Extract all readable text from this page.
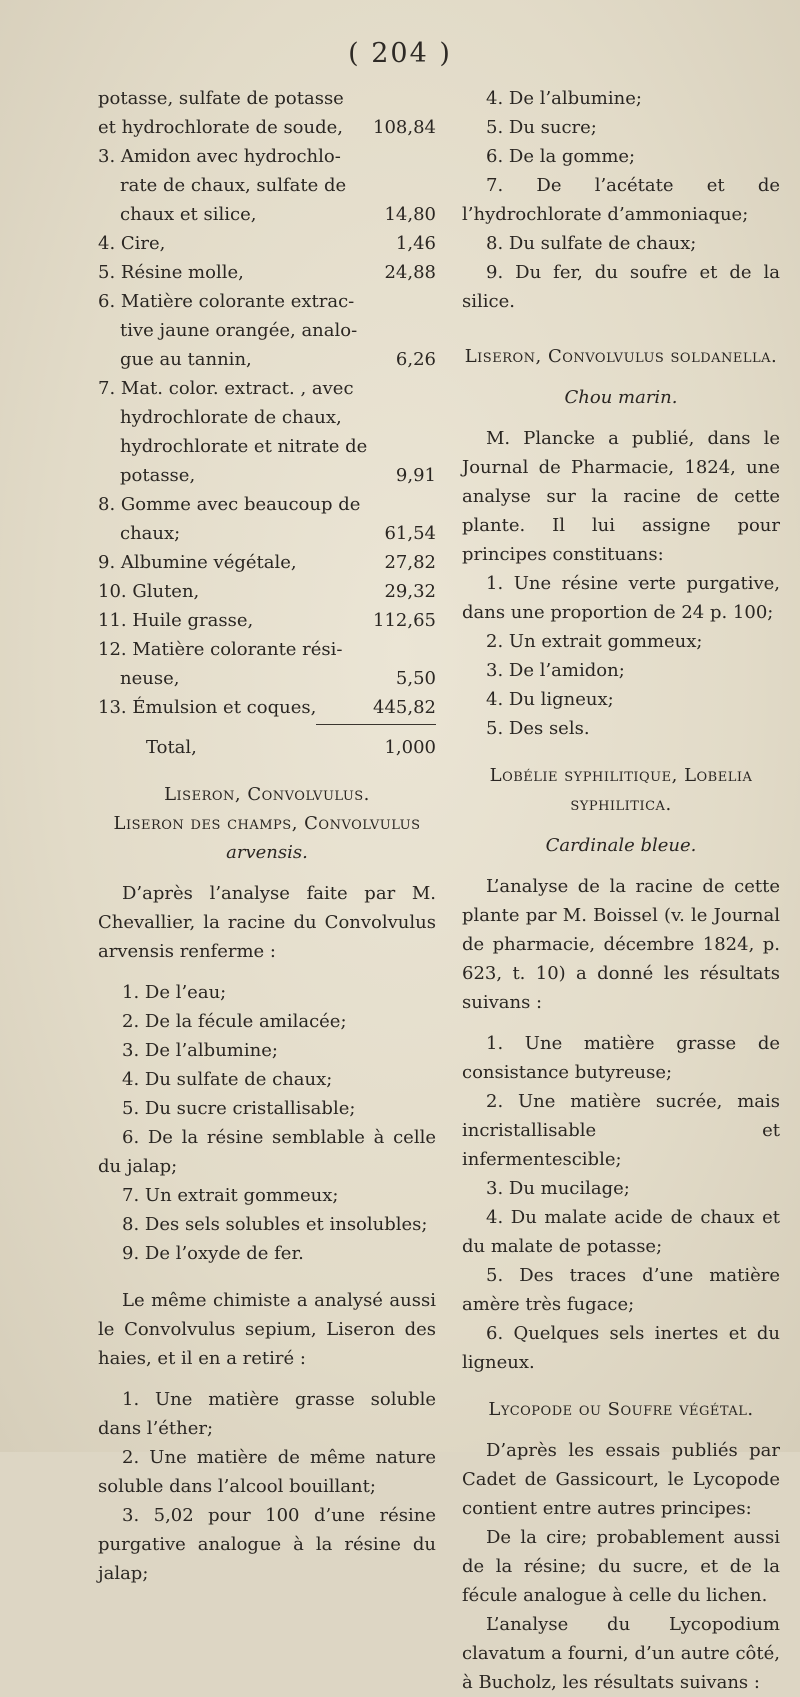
( 204 )
potasse, sulfate de potasse
et hydrochlorate de soude, 108,84
3. Amidon avec hydrochlo-
rate de chaux, sulfate de
chaux et silice,	14,80
4. Cire,	1,46
5. Résine molle,	24,88
6. Matière colorante extrac-
tive jaune orangée, analo-
gue au tannin,	6,26
7. Mat. color. extract. , avec
hydrochlorate de chaux,
hydrochlorate et nitrate de
potasse,	9,91
8. Gomme avec beaucoup de
chaux;	61,54
9. Albumine végétale,	27,82
10. Gluten,	29,32
11. Huile grasse,	112,65
12. Matière colorante rési-
neuse,	5,50
13. Émulsion et coques,	445,82
Total,	1,000
Liseron, Convolvulus.
Liseron des champs, Convolvulus
arvensis.

D’après l’analyse faite par M. Chevallier, la racine du Convolvulus arvensis renferme :

1. De l’eau;

2. De la fécule amilacée;

3. De l’albumine;

4. Du sulfate de chaux;

5. Du sucre cristallisable;

6. De la résine semblable à celle du jalap;

7. Un extrait gommeux;

8. Des sels solubles et insolubles;

9. De l’oxyde de fer.

Le même chimiste a analysé aussi le Convolvulus sepium, Liseron des haies, et il en a retiré :

1. Une matière grasse soluble dans l’éther;

2. Une matière de même nature soluble dans l’alcool bouillant;

3. 5,02 pour 100 d’une résine purgative analogue à la résine du jalap;

4. De l’albumine;

5. Du sucre;

6. De la gomme;

7. De l’acétate et de l’hydrochlorate d’ammoniaque;

8. Du sulfate de chaux;

9. Du fer, du soufre et de la silice.

Liseron, Convolvulus soldanella.
Chou marin.

M. Plancke a publié, dans le Journal de Pharmacie, 1824, une analyse sur la racine de cette plante. Il lui assigne pour principes constituans:

1. Une résine verte purgative, dans une proportion de 24 p. 100;

2. Un extrait gommeux;

3. De l’amidon;

4. Du ligneux;

5. Des sels.

Lobélie syphilitique, Lobelia syphilitica.
Cardinale bleue.

L’analyse de la racine de cette plante par M. Boissel (v. le Journal de pharmacie, décembre 1824, p. 623, t. 10) a donné les résultats suivans :

1. Une matière grasse de consistance butyreuse;

2. Une matière sucrée, mais incristallisable et infermentescible;

3. Du mucilage;

4. Du malate acide de chaux et du malate de potasse;

5. Des traces d’une matière amère très fugace;

6. Quelques sels inertes et du ligneux.

Lycopode ou Soufre végétal.

D’après les essais publiés par Cadet de Gassicourt, le Lycopode contient entre autres principes:

De la cire; probablement aussi de la résine; du sucre, et de la fécule analogue à celle du lichen.

L’analyse du Lycopodium clavatum a fourni, d’un autre côté, à Bucholz, les résultats suivans :
